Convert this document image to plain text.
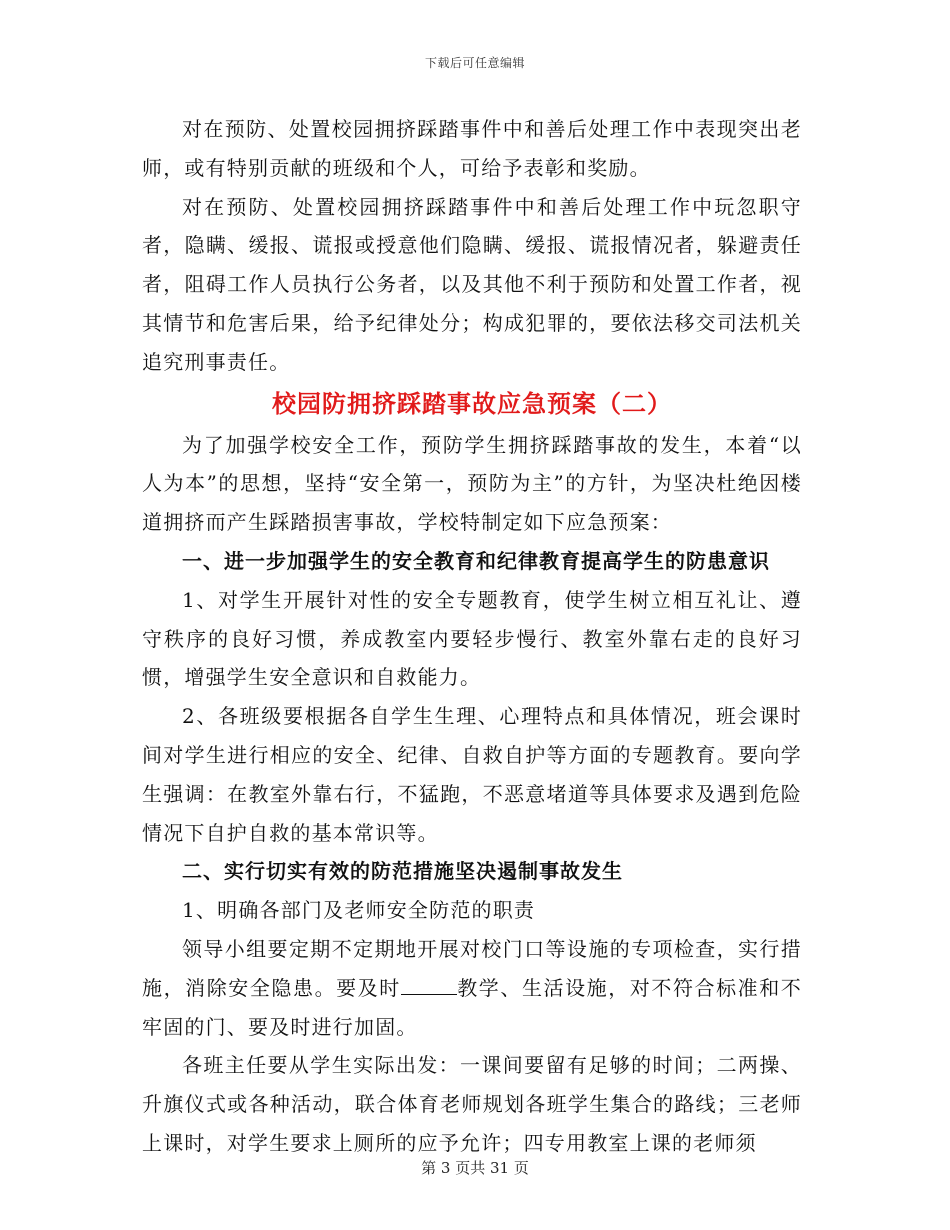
下载后可任意编辑

对在预防、处置校园拥挤踩踏事件中和善后处理工作中表现突出老师，或有特别贡献的班级和个人，可给予表彰和奖励。

对在预防、处置校园拥挤踩踏事件中和善后处理工作中玩忽职守者，隐瞒、缓报、谎报或授意他们隐瞒、缓报、谎报情况者，躲避责任者，阻碍工作人员执行公务者，以及其他不利于预防和处置工作者，视其情节和危害后果，给予纪律处分；构成犯罪的，要依法移交司法机关追究刑事责任。

校园防拥挤踩踏事故应急预案（二）

为了加强学校安全工作，预防学生拥挤踩踏事故的发生，本着“以人为本”的思想，坚持“安全第一，预防为主”的方针，为坚决杜绝因楼道拥挤而产生踩踏损害事故，学校特制定如下应急预案：

一、进一步加强学生的安全教育和纪律教育提高学生的防患意识

1、对学生开展针对性的安全专题教育，使学生树立相互礼让、遵守秩序的良好习惯，养成教室内要轻步慢行、教室外靠右走的良好习惯，增强学生安全意识和自救能力。

2、各班级要根据各自学生生理、心理特点和具体情况，班会课时间对学生进行相应的安全、纪律、自救自护等方面的专题教育。要向学生强调：在教室外靠右行，不猛跑，不恶意堵道等具体要求及遇到危险情况下自护自救的基本常识等。

二、实行切实有效的防范措施坚决遏制事故发生

1、明确各部门及老师安全防范的职责

领导小组要定期不定期地开展对校门口等设施的专项检查，实行措施，消除安全隐患。要及时	教学、生活设施，对不符合标准和不牢固的门、要及时进行加固。

各班主任要从学生实际出发：一课间要留有足够的时间；二两操、升旗仪式或各种活动，联合体育老师规划各班学生集合的路线；三老师上课时，对学生要求上厕所的应予允许；四专用教室上课的老师须

第 3 页共 31 页
